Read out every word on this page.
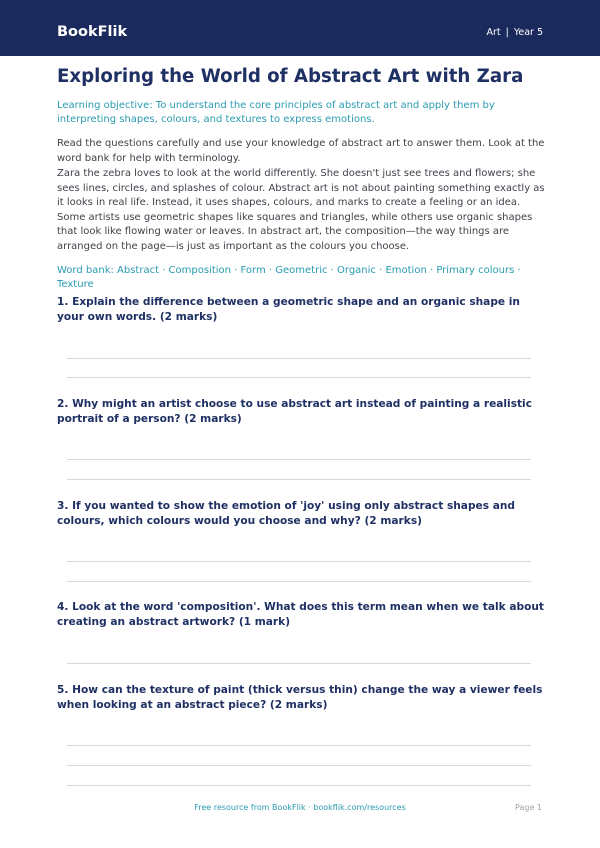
BookFlik	Art | Year 5
Exploring the World of Abstract Art with Zara
Learning objective: To understand the core principles of abstract art and apply them by interpreting shapes, colours, and textures to express emotions.
Read the questions carefully and use your knowledge of abstract art to answer them. Look at the word bank for help with terminology.
Zara the zebra loves to look at the world differently. She doesn't just see trees and flowers; she sees lines, circles, and splashes of colour. Abstract art is not about painting something exactly as it looks in real life. Instead, it uses shapes, colours, and marks to create a feeling or an idea. Some artists use geometric shapes like squares and triangles, while others use organic shapes that look like flowing water or leaves. In abstract art, the composition—the way things are arranged on the page—is just as important as the colours you choose.
Word bank: Abstract · Composition · Form · Geometric · Organic · Emotion · Primary colours · Texture
1. Explain the difference between a geometric shape and an organic shape in your own words. (2 marks)
2. Why might an artist choose to use abstract art instead of painting a realistic portrait of a person? (2 marks)
3. If you wanted to show the emotion of 'joy' using only abstract shapes and colours, which colours would you choose and why? (2 marks)
4. Look at the word 'composition'. What does this term mean when we talk about creating an abstract artwork? (1 mark)
5. How can the texture of paint (thick versus thin) change the way a viewer feels when looking at an abstract piece? (2 marks)
Free resource from BookFlik · bookflik.com/resources	Page 1
